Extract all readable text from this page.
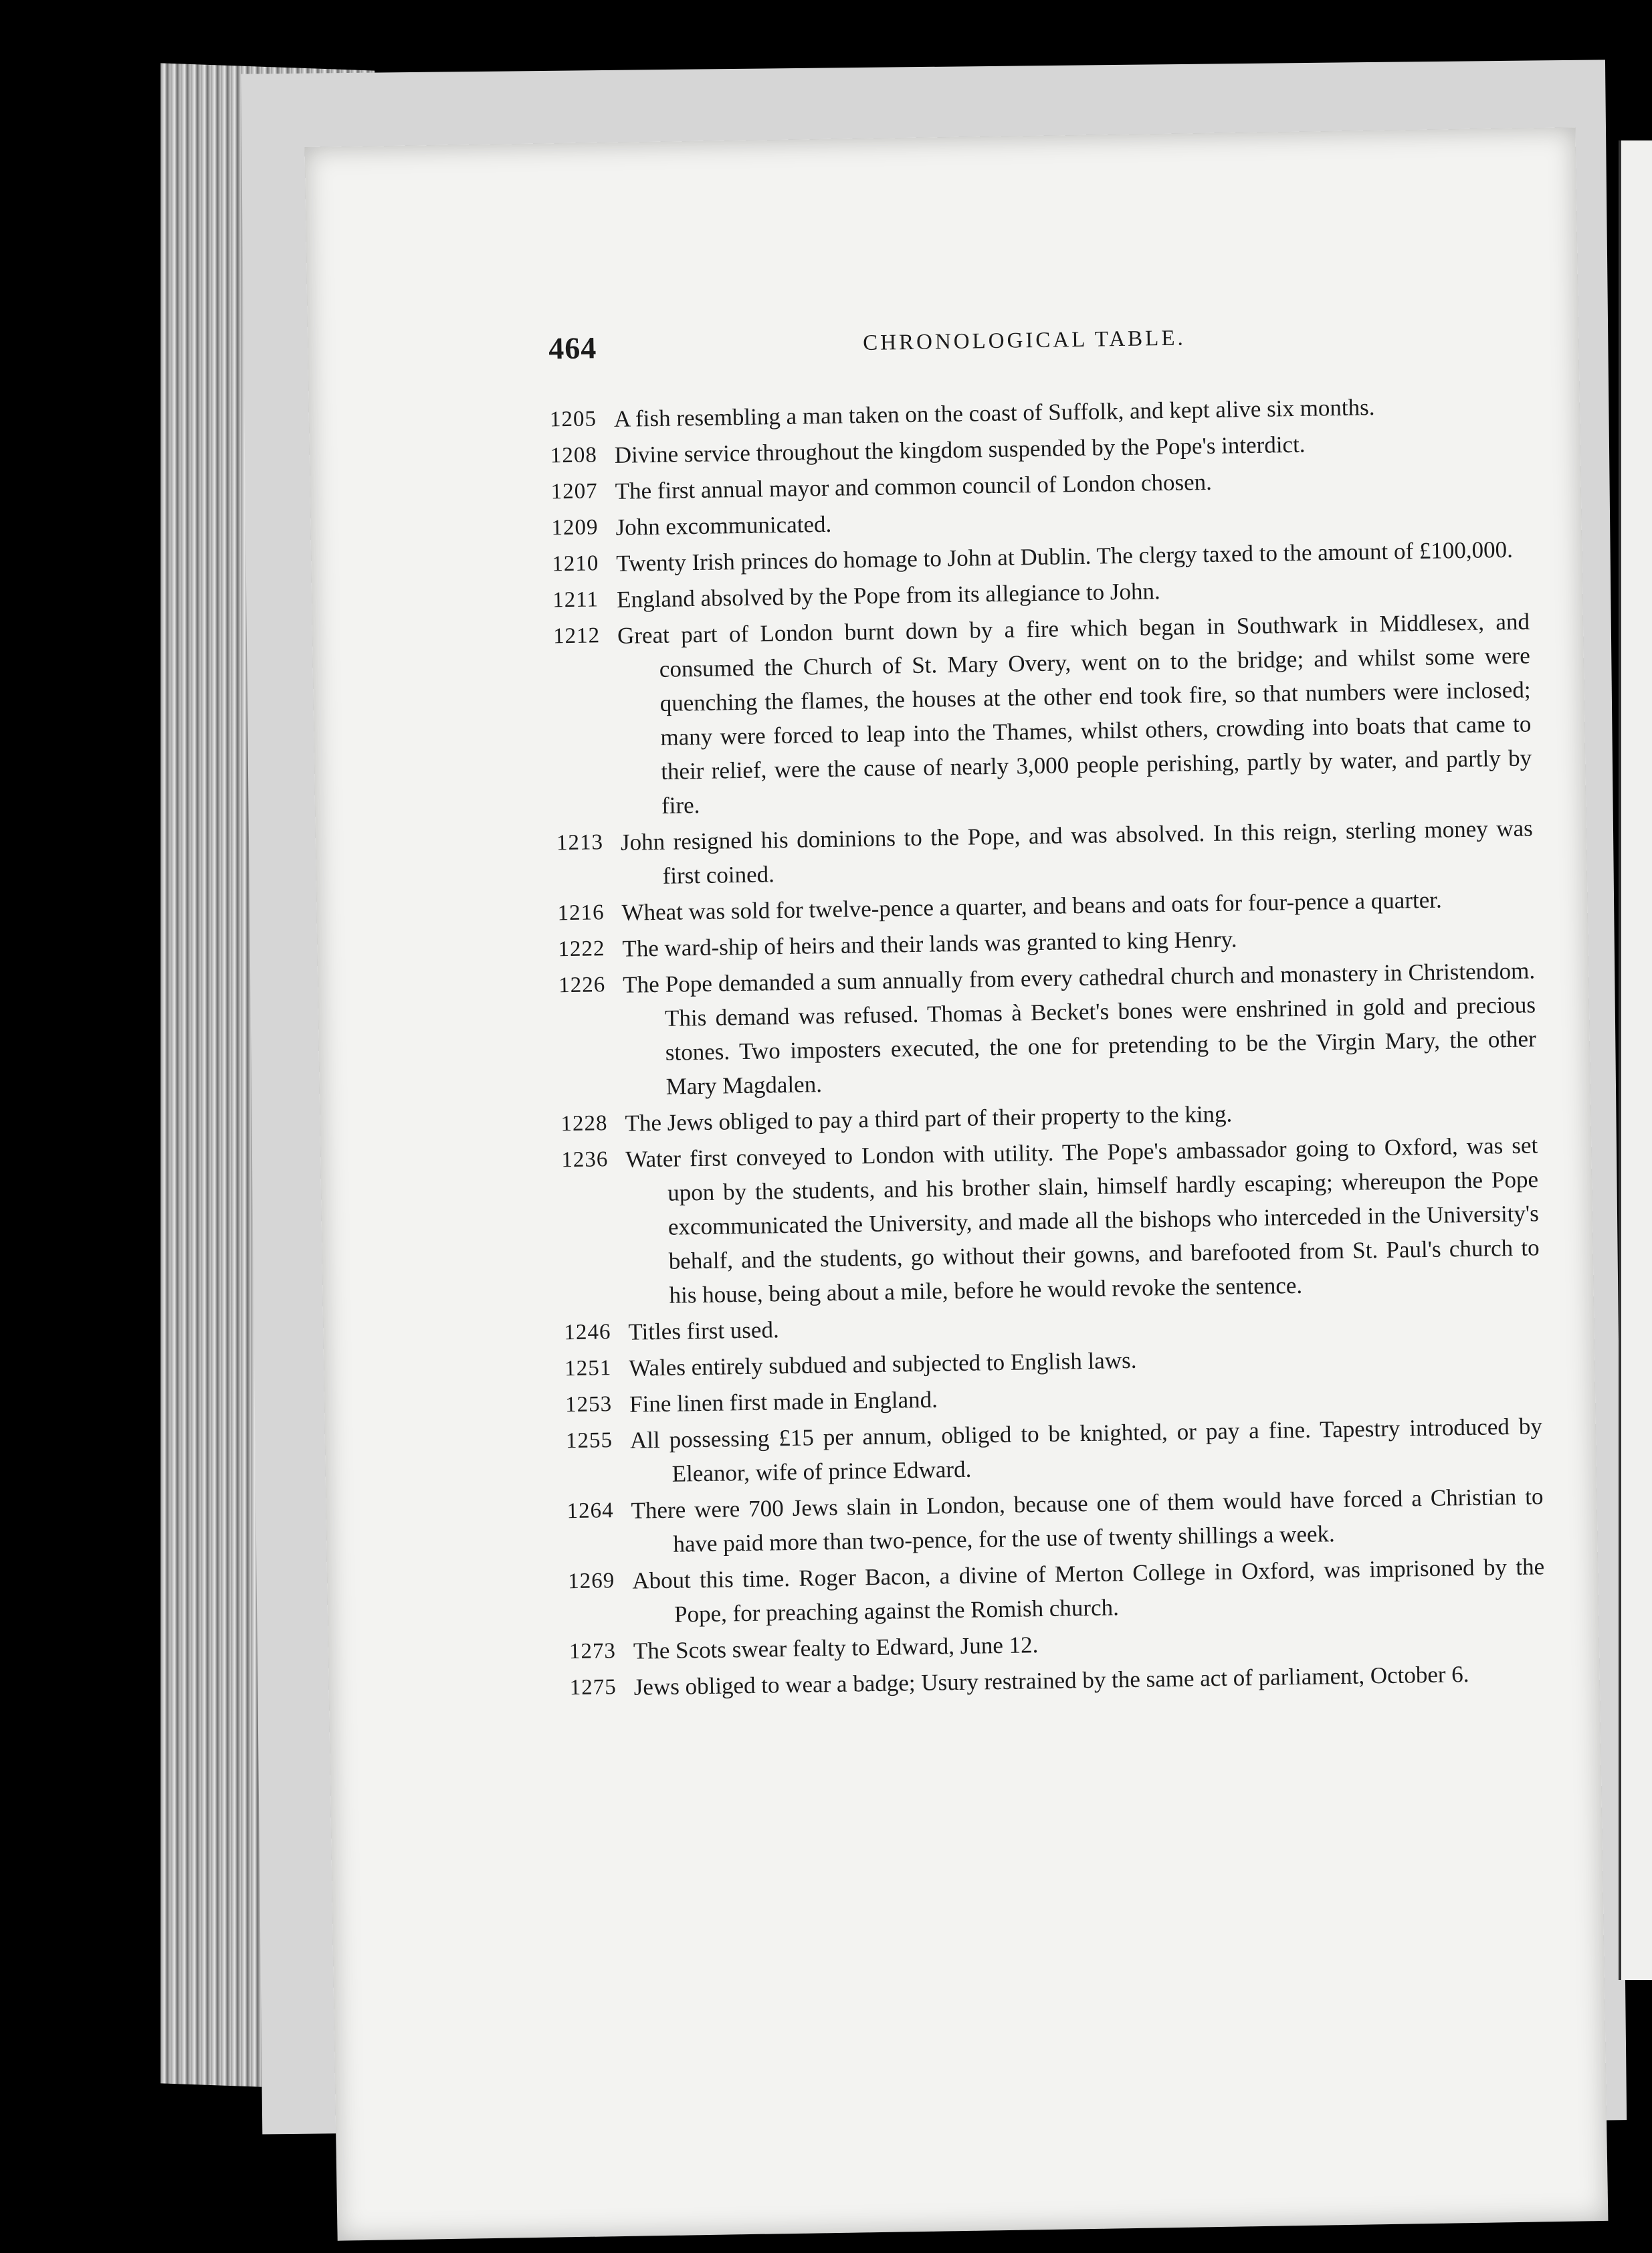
464	CHRONOLOGICAL TABLE.
1205 A fish resembling a man taken on the coast of Suffolk, and kept alive six months.
1208 Divine service throughout the kingdom suspended by the Pope's interdict.
1207 The first annual mayor and common council of London chosen.
1209 John excommunicated.
1210 Twenty Irish princes do homage to John at Dublin. The clergy taxed to the amount of £100,000.
1211 England absolved by the Pope from its allegiance to John.
1212 Great part of London burnt down by a fire which began in Southwark in Middlesex, and consumed the Church of St. Mary Overy, went on to the bridge; and whilst some were quenching the flames, the houses at the other end took fire, so that numbers were inclosed; many were forced to leap into the Thames, whilst others, crowding into boats that came to their relief, were the cause of nearly 3,000 people perishing, partly by water, and partly by fire.
1213 John resigned his dominions to the Pope, and was absolved. In this reign, sterling money was first coined.
1216 Wheat was sold for twelve-pence a quarter, and beans and oats for four-pence a quarter.
1222 The ward-ship of heirs and their lands was granted to king Henry.
1226 The Pope demanded a sum annually from every cathedral church and monastery in Christendom. This demand was refused. Thomas à Becket's bones were enshrined in gold and precious stones. Two imposters executed, the one for pretending to be the Virgin Mary, the other Mary Magdalen.
1228 The Jews obliged to pay a third part of their property to the king.
1236 Water first conveyed to London with utility. The Pope's ambassador going to Oxford, was set upon by the students, and his brother slain, himself hardly escaping; whereupon the Pope excommunicated the University, and made all the bishops who interceded in the University's behalf, and the students, go without their gowns, and barefooted from St. Paul's church to his house, being about a mile, before he would revoke the sentence.
1246 Titles first used.
1251 Wales entirely subdued and subjected to English laws.
1253 Fine linen first made in England.
1255 All possessing £15 per annum, obliged to be knighted, or pay a fine. Tapestry introduced by Eleanor, wife of prince Edward.
1264 There were 700 Jews slain in London, because one of them would have forced a Christian to have paid more than two-pence, for the use of twenty shillings a week.
1269 About this time. Roger Bacon, a divine of Merton College in Oxford, was imprisoned by the Pope, for preaching against the Romish church.
1273 The Scots swear fealty to Edward, June 12.
1275 Jews obliged to wear a badge; Usury restrained by the same act of parliament, October 6.
